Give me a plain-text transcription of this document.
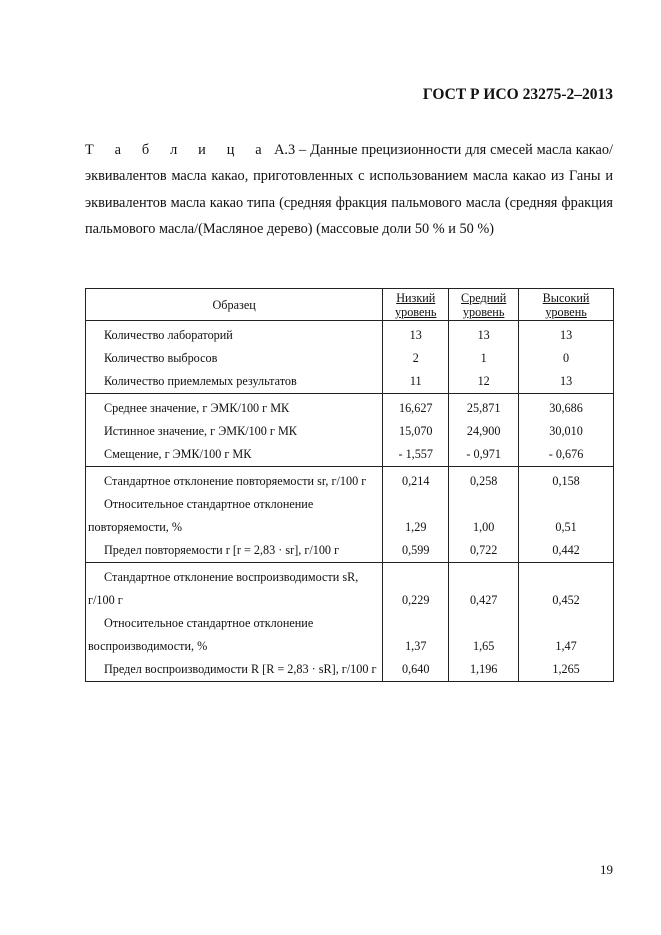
ГОСТ Р ИСО 23275-2–2013
Т а б л и ц а А.3 – Данные прецизионности для смесей масла какао/эквивалентов масла какао, приготовленных с использованием масла какао из Ганы и эквивалентов масла какао типа (средняя фракция пальмового масла (средняя фракция пальмового масла/(Масляное дерево) (массовые доли 50 % и 50 %)
Образец	Низкий уровень	Средний уровень	Высокий уровень
Количество лабораторий	13	13	13
Количество выбросов	2	1	0
Количество приемлемых результатов	11	12	13
Среднее значение, г ЭМК/100 г МК	16,627	25,871	30,686
Истинное значение, г ЭМК/100 г МК	15,070	24,900	30,010
Смещение, г ЭМК/100 г МК	- 1,557	- 0,971	- 0,676
Стандартное отклонение повторяемости sr, г/100 г	0,214	0,258	0,158
Относительное стандартное отклонение повторяемости, %	1,29	1,00	0,51
Предел повторяемости r [r = 2,83 · sr], г/100 г	0,599	0,722	0,442
Стандартное отклонение воспроизводимости sR, г/100 г	0,229	0,427	0,452
Относительное стандартное отклонение воспроизводимости, %	1,37	1,65	1,47
Предел воспроизводимости R [R = 2,83 · sR], г/100 г	0,640	1,196	1,265
19
